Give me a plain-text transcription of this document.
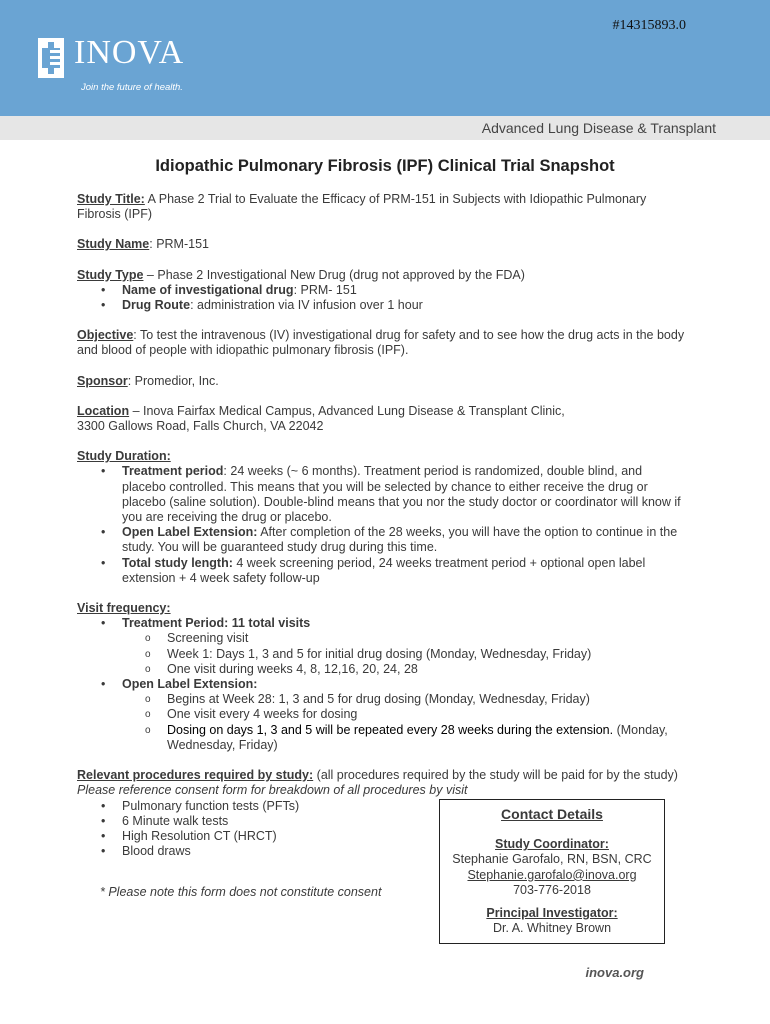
#14315893.0
INOVA
Join the future of health.
Advanced Lung Disease & Transplant
Idiopathic Pulmonary Fibrosis (IPF) Clinical Trial Snapshot

Study Title: A Phase 2 Trial to Evaluate the Efficacy of PRM-151 in Subjects with Idiopathic Pulmonary Fibrosis (IPF)

Study Name: PRM-151

Study Type – Phase 2 Investigational New Drug (drug not approved by the FDA)
• Name of investigational drug: PRM- 151
• Drug Route: administration via IV infusion over 1 hour

Objective: To test the intravenous (IV) investigational drug for safety and to see how the drug acts in the body and blood of people with idiopathic pulmonary fibrosis (IPF).

Sponsor: Promedior, Inc.

Location – Inova Fairfax Medical Campus, Advanced Lung Disease & Transplant Clinic,
3300 Gallows Road, Falls Church, VA 22042

Study Duration:
• Treatment period: 24 weeks (~ 6 months). Treatment period is randomized, double blind, and placebo controlled. This means that you will be selected by chance to either receive the drug or placebo (saline solution). Double-blind means that you nor the study doctor or coordinator will know if you are receiving the drug or placebo.
• Open Label Extension: After completion of the 28 weeks, you will have the option to continue in the study. You will be guaranteed study drug during this time.
• Total study length: 4 week screening period, 24 weeks treatment period + optional open label extension + 4 week safety follow-up
Visit frequency:
• Treatment Period: 11 total visits
o Screening visit
o Week 1: Days 1, 3 and 5 for initial drug dosing (Monday, Wednesday, Friday)
o One visit during weeks 4, 8, 12,16, 20, 24, 28
• Open Label Extension:
o Begins at Week 28: 1, 3 and 5 for drug dosing (Monday, Wednesday, Friday)
o One visit every 4 weeks for dosing
o Dosing on days 1, 3 and 5 will be repeated every 28 weeks during the extension. (Monday, Wednesday, Friday)
Relevant procedures required by study: (all procedures required by the study will be paid for by the study)
Please reference consent form for breakdown of all procedures by visit
• Pulmonary function tests (PFTs)
• 6 Minute walk tests
• High Resolution CT (HRCT)
• Blood draws
* Please note this form does not constitute consent
Contact Details
Study Coordinator:
Stephanie Garofalo, RN, BSN, CRC
Stephanie.garofalo@inova.org
703-776-2018
Principal Investigator:
Dr. A. Whitney Brown
inova.org
